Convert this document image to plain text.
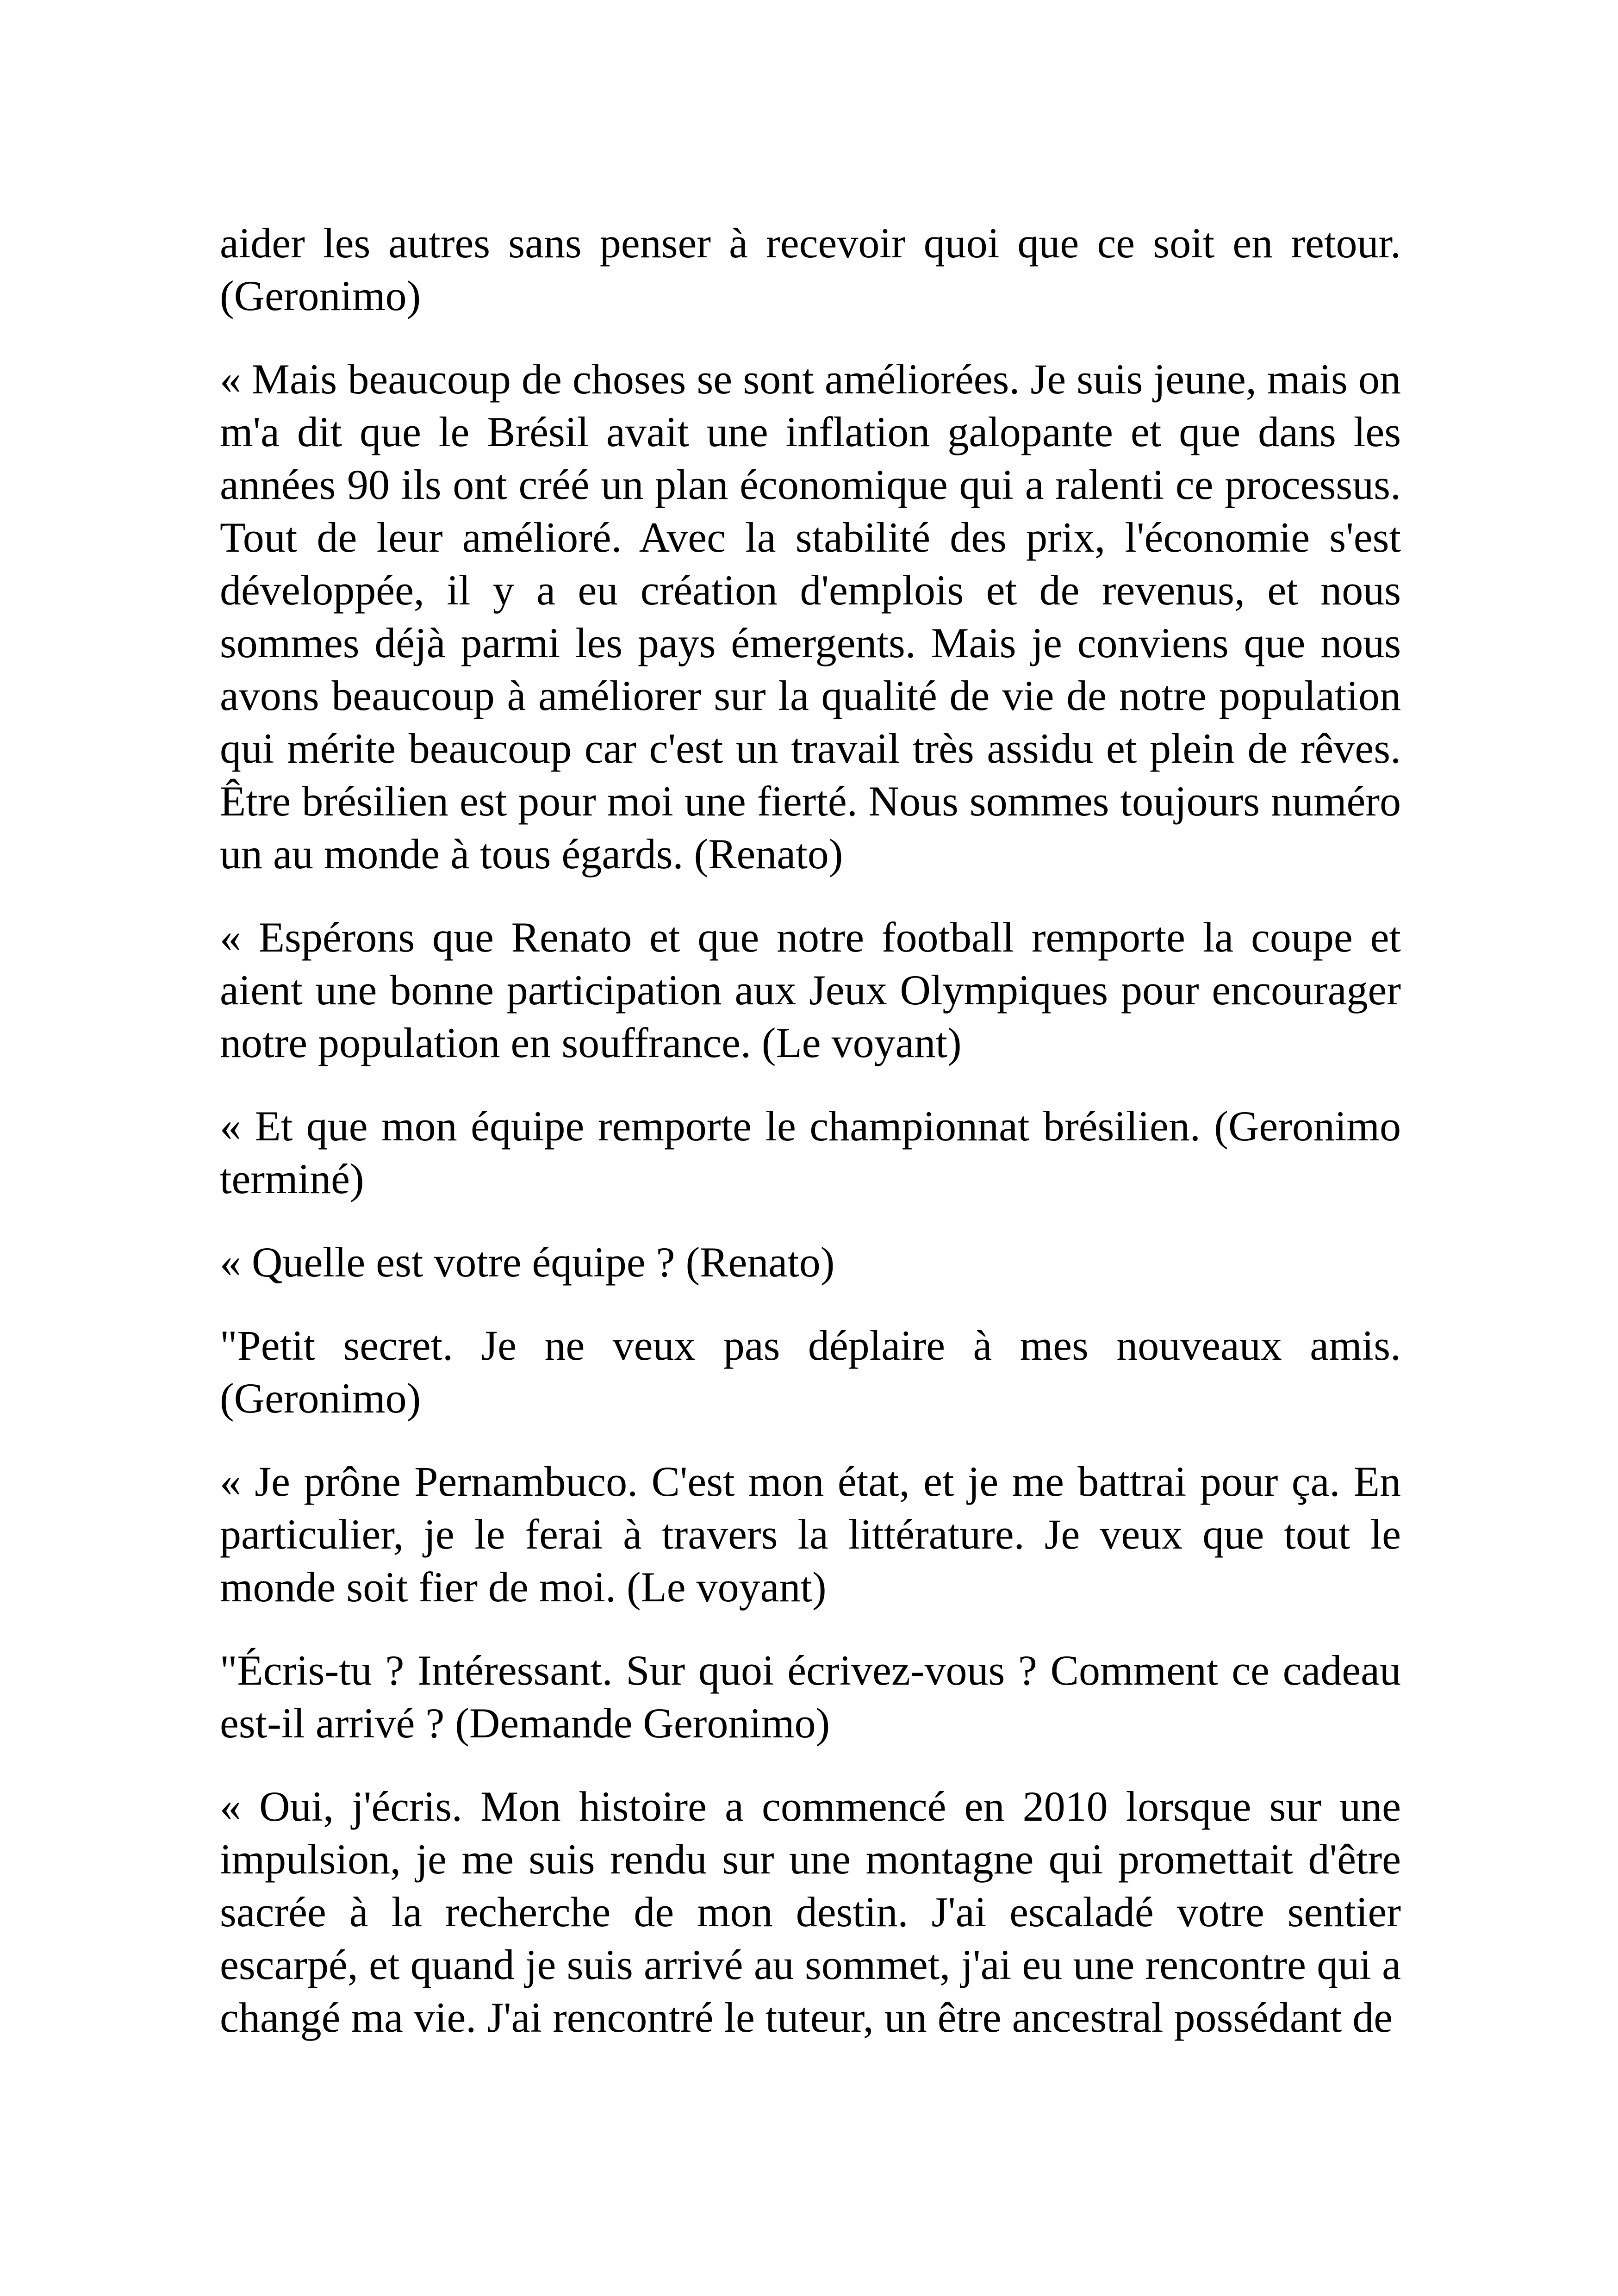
aider les autres sans penser à recevoir quoi que ce soit en retour. (Geronimo)

« Mais beaucoup de choses se sont améliorées. Je suis jeune, mais on m'a dit que le Brésil avait une inflation galopante et que dans les années 90 ils ont créé un plan économique qui a ralenti ce processus. Tout de leur amélioré. Avec la stabilité des prix, l'économie s'est développée, il y a eu création d'emplois et de revenus, et nous sommes déjà parmi les pays émergents. Mais je conviens que nous avons beaucoup à améliorer sur la qualité de vie de notre population qui mérite beaucoup car c'est un travail très assidu et plein de rêves. Être brésilien est pour moi une fierté. Nous sommes toujours numéro un au monde à tous égards. (Renato)

« Espérons que Renato et que notre football remporte la coupe et aient une bonne participation aux Jeux Olympiques pour encourager notre population en souffrance. (Le voyant)

« Et que mon équipe remporte le championnat brésilien. (Geronimo terminé)

« Quelle est votre équipe ? (Renato)

"Petit secret. Je ne veux pas déplaire à mes nouveaux amis. (Geronimo)

« Je prône Pernambuco. C'est mon état, et je me battrai pour ça. En particulier, je le ferai à travers la littérature. Je veux que tout le monde soit fier de moi. (Le voyant)

"Écris-tu ? Intéressant. Sur quoi écrivez-vous ? Comment ce cadeau est-il arrivé ? (Demande Geronimo)

« Oui, j'écris. Mon histoire a commencé en 2010 lorsque sur une impulsion, je me suis rendu sur une montagne qui promettait d'être sacrée à la recherche de mon destin. J'ai escaladé votre sentier escarpé, et quand je suis arrivé au sommet, j'ai eu une rencontre qui a changé ma vie. J'ai rencontré le tuteur, un être ancestral possédant de
